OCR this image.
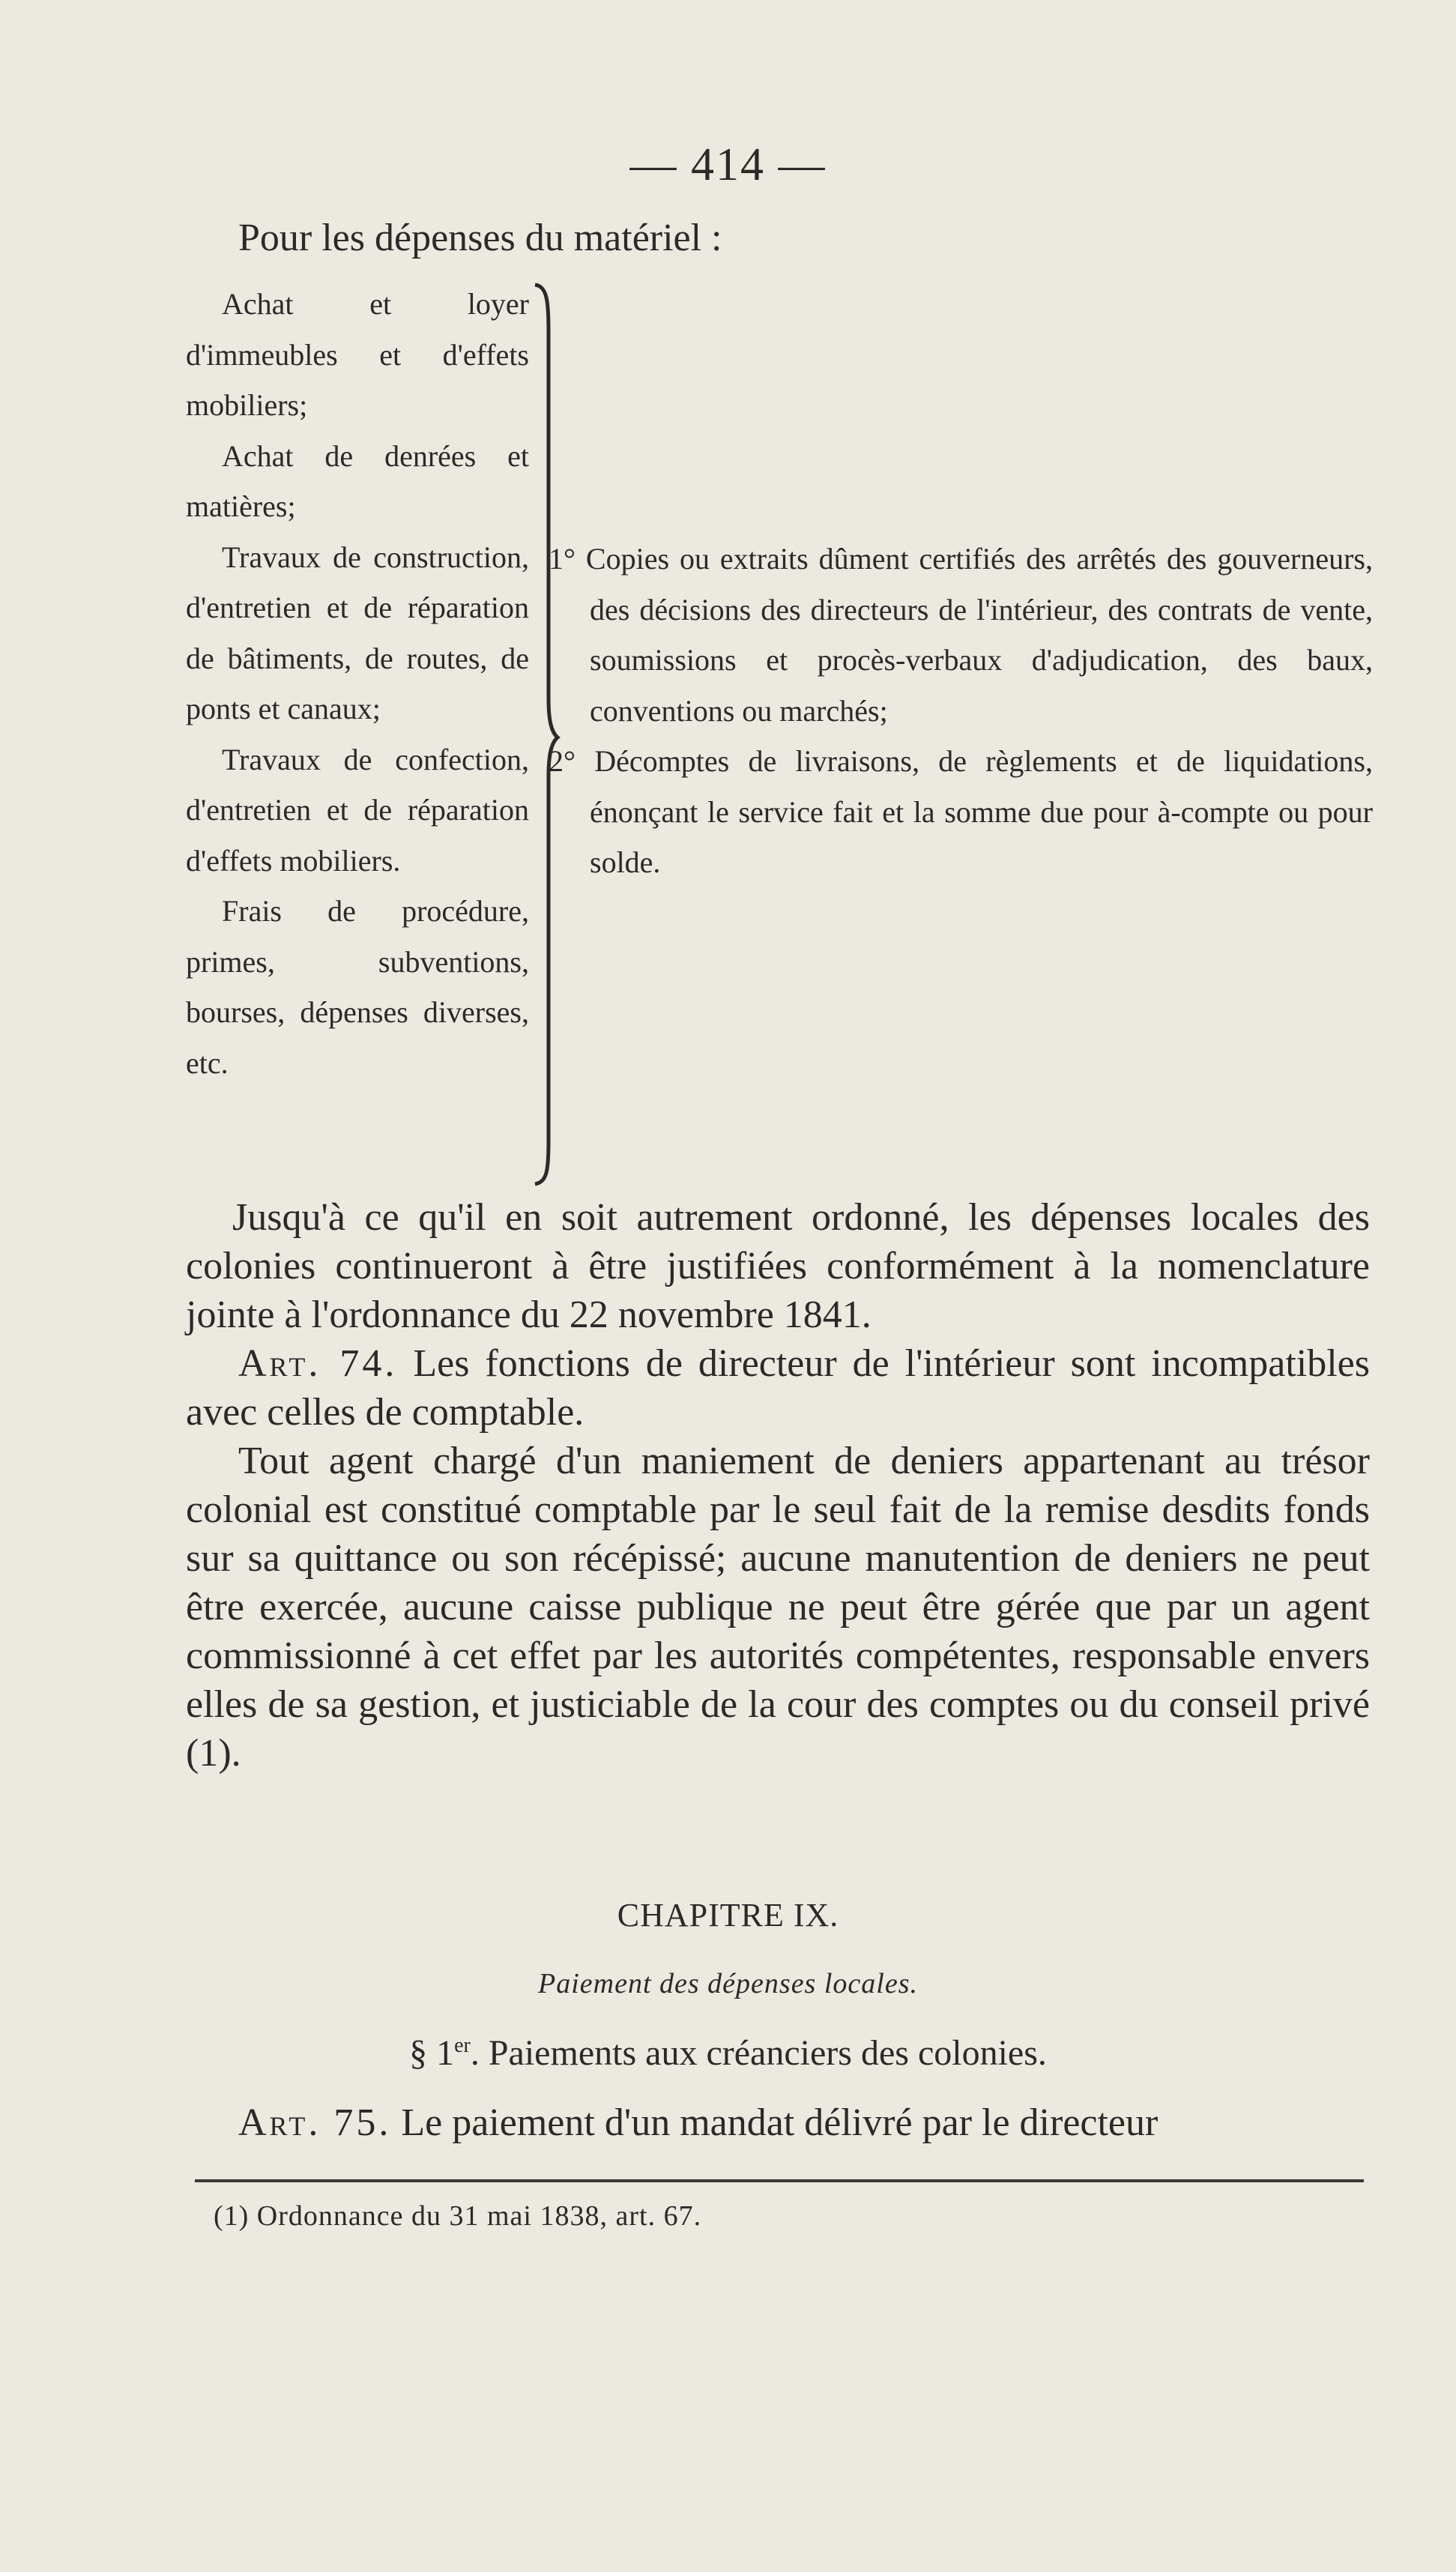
— 414 —
Pour les dépenses du matériel :
Achat et loyer d'immeubles et d'effets mobiliers;
Achat de denrées et matières;
Travaux de construction, d'entretien et de réparation de bâtiments, de routes, de ponts et canaux;
Travaux de confection, d'entretien et de réparation d'effets mobiliers.
Frais de procédure, primes, subventions, bourses, dépenses diverses, etc.
1° Copies ou extraits dûment certifiés des arrêtés des gouverneurs, des décisions des directeurs de l'intérieur, des contrats de vente, soumissions et procès-verbaux d'adjudication, des baux, conventions ou marchés;
2° Décomptes de livraisons, de règlements et de liquidations, énonçant le service fait et la somme due pour à-compte ou pour solde.

Jusqu'à ce qu'il en soit autrement ordonné, les dépenses locales des colonies continueront à être justifiées conformément à la nomenclature jointe à l'ordonnance du 22 novembre 1841.

Art. 74. Les fonctions de directeur de l'intérieur sont incompatibles avec celles de comptable.

Tout agent chargé d'un maniement de deniers appartenant au trésor colonial est constitué comptable par le seul fait de la remise desdits fonds sur sa quittance ou son récépissé; aucune manutention de deniers ne peut être exercée, aucune caisse publique ne peut être gérée que par un agent commissionné à cet effet par les autorités compétentes, responsable envers elles de sa gestion, et justiciable de la cour des comptes ou du conseil privé (1).

CHAPITRE IX.
Paiement des dépenses locales.
§ 1er. Paiements aux créanciers des colonies.
Art. 75. Le paiement d'un mandat délivré par le directeur
(1) Ordonnance du 31 mai 1838, art. 67.
